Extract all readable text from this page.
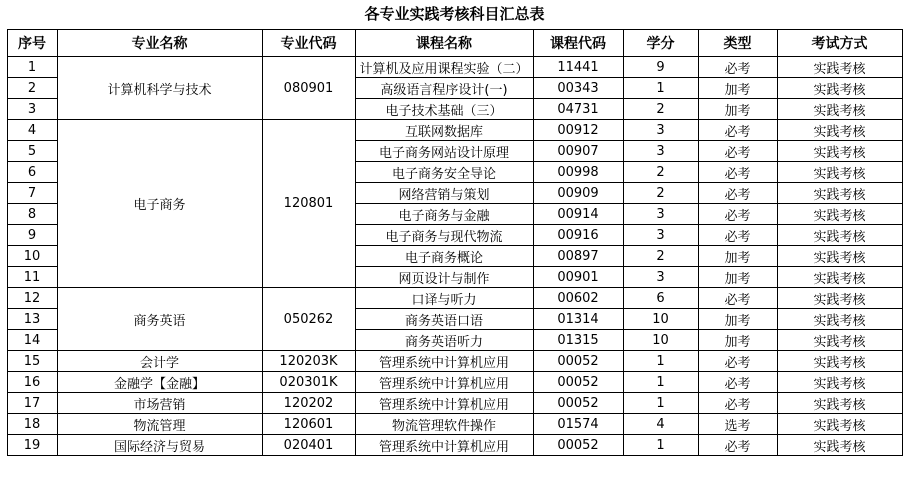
各专业实践考核科目汇总表
序号	专业名称	专业代码	课程名称	课程代码	学分	类型	考试方式
1	计算机科学与技术	080901	计算机及应用课程实验（二）	11441	9	必考	实践考核
2			高级语言程序设计(一)	00343	1	加考	实践考核
3			电子技术基础（三）	04731	2	加考	实践考核
4	电子商务	120801	互联网数据库	00912	3	必考	实践考核
5			电子商务网站设计原理	00907	3	必考	实践考核
6			电子商务安全导论	00998	2	必考	实践考核
7			网络营销与策划	00909	2	必考	实践考核
8			电子商务与金融	00914	3	必考	实践考核
9			电子商务与现代物流	00916	3	必考	实践考核
10			电子商务概论	00897	2	加考	实践考核
11			网页设计与制作	00901	3	加考	实践考核
12	商务英语	050262	口译与听力	00602	6	必考	实践考核
13			商务英语口语	01314	10	加考	实践考核
14			商务英语听力	01315	10	加考	实践考核
15	会计学	120203K	管理系统中计算机应用	00052	1	必考	实践考核
16	金融学【金融】	020301K	管理系统中计算机应用	00052	1	必考	实践考核
17	市场营销	120202	管理系统中计算机应用	00052	1	必考	实践考核
18	物流管理	120601	物流管理软件操作	01574	4	选考	实践考核
19	国际经济与贸易	020401	管理系统中计算机应用	00052	1	必考	实践考核
